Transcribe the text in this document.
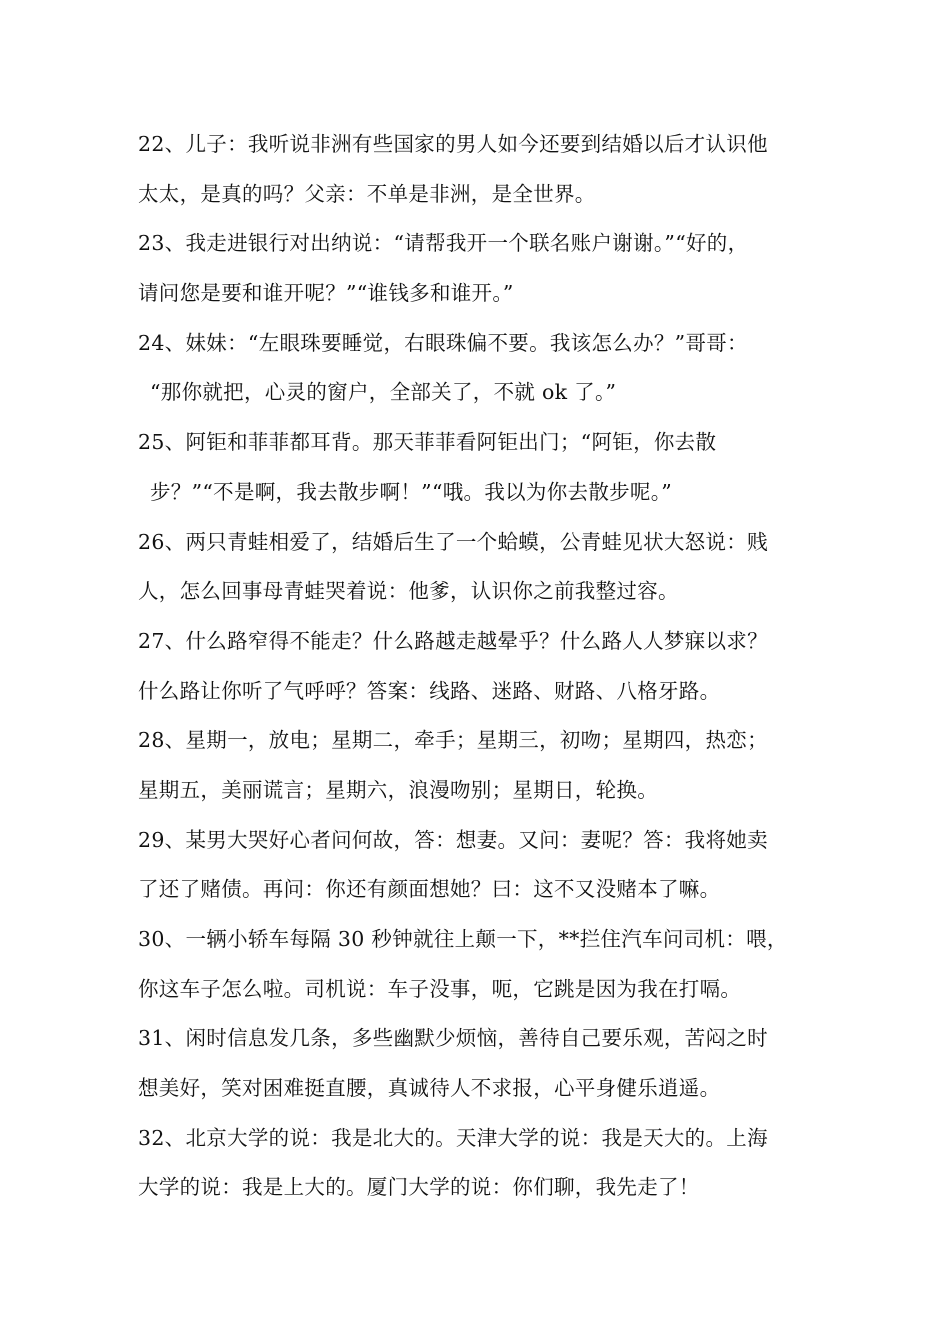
22、儿子：我听说非洲有些国家的男人如今还要到结婚以后才认识他
太太，是真的吗？父亲：不单是非洲，是全世界。
23、我走进银行对出纳说：“请帮我开一个联名账户谢谢。”“好的，
请问您是要和谁开呢？”“谁钱多和谁开。”
24、妹妹：“左眼珠要睡觉，右眼珠偏不要。我该怎么办？”哥哥：
“那你就把，心灵的窗户，全部关了，不就 ok 了。”
25、阿钜和菲菲都耳背。那天菲菲看阿钜出门；“阿钜，你去散
步？”“不是啊，我去散步啊！”“哦。我以为你去散步呢。”
26、两只青蛙相爱了，结婚后生了一个蛤蟆，公青蛙见状大怒说：贱
人，怎么回事母青蛙哭着说：他爹，认识你之前我整过容。
27、什么路窄得不能走？什么路越走越晕乎？什么路人人梦寐以求？
什么路让你听了气呼呼？答案：线路、迷路、财路、八格牙路。
28、星期一，放电；星期二，牵手；星期三，初吻；星期四，热恋；
星期五，美丽谎言；星期六，浪漫吻别；星期日，轮换。
29、某男大哭好心者问何故，答：想妻。又问：妻呢？答：我将她卖
了还了赌债。再问：你还有颜面想她？曰：这不又没赌本了嘛。
30、一辆小轿车每隔 30 秒钟就往上颠一下，**拦住汽车问司机：喂，
你这车子怎么啦。司机说：车子没事，呃，它跳是因为我在打嗝。
31、闲时信息发几条，多些幽默少烦恼，善待自己要乐观，苦闷之时
想美好，笑对困难挺直腰，真诚待人不求报，心平身健乐逍遥。
32、北京大学的说：我是北大的。天津大学的说：我是天大的。上海
大学的说：我是上大的。厦门大学的说：你们聊，我先走了！
